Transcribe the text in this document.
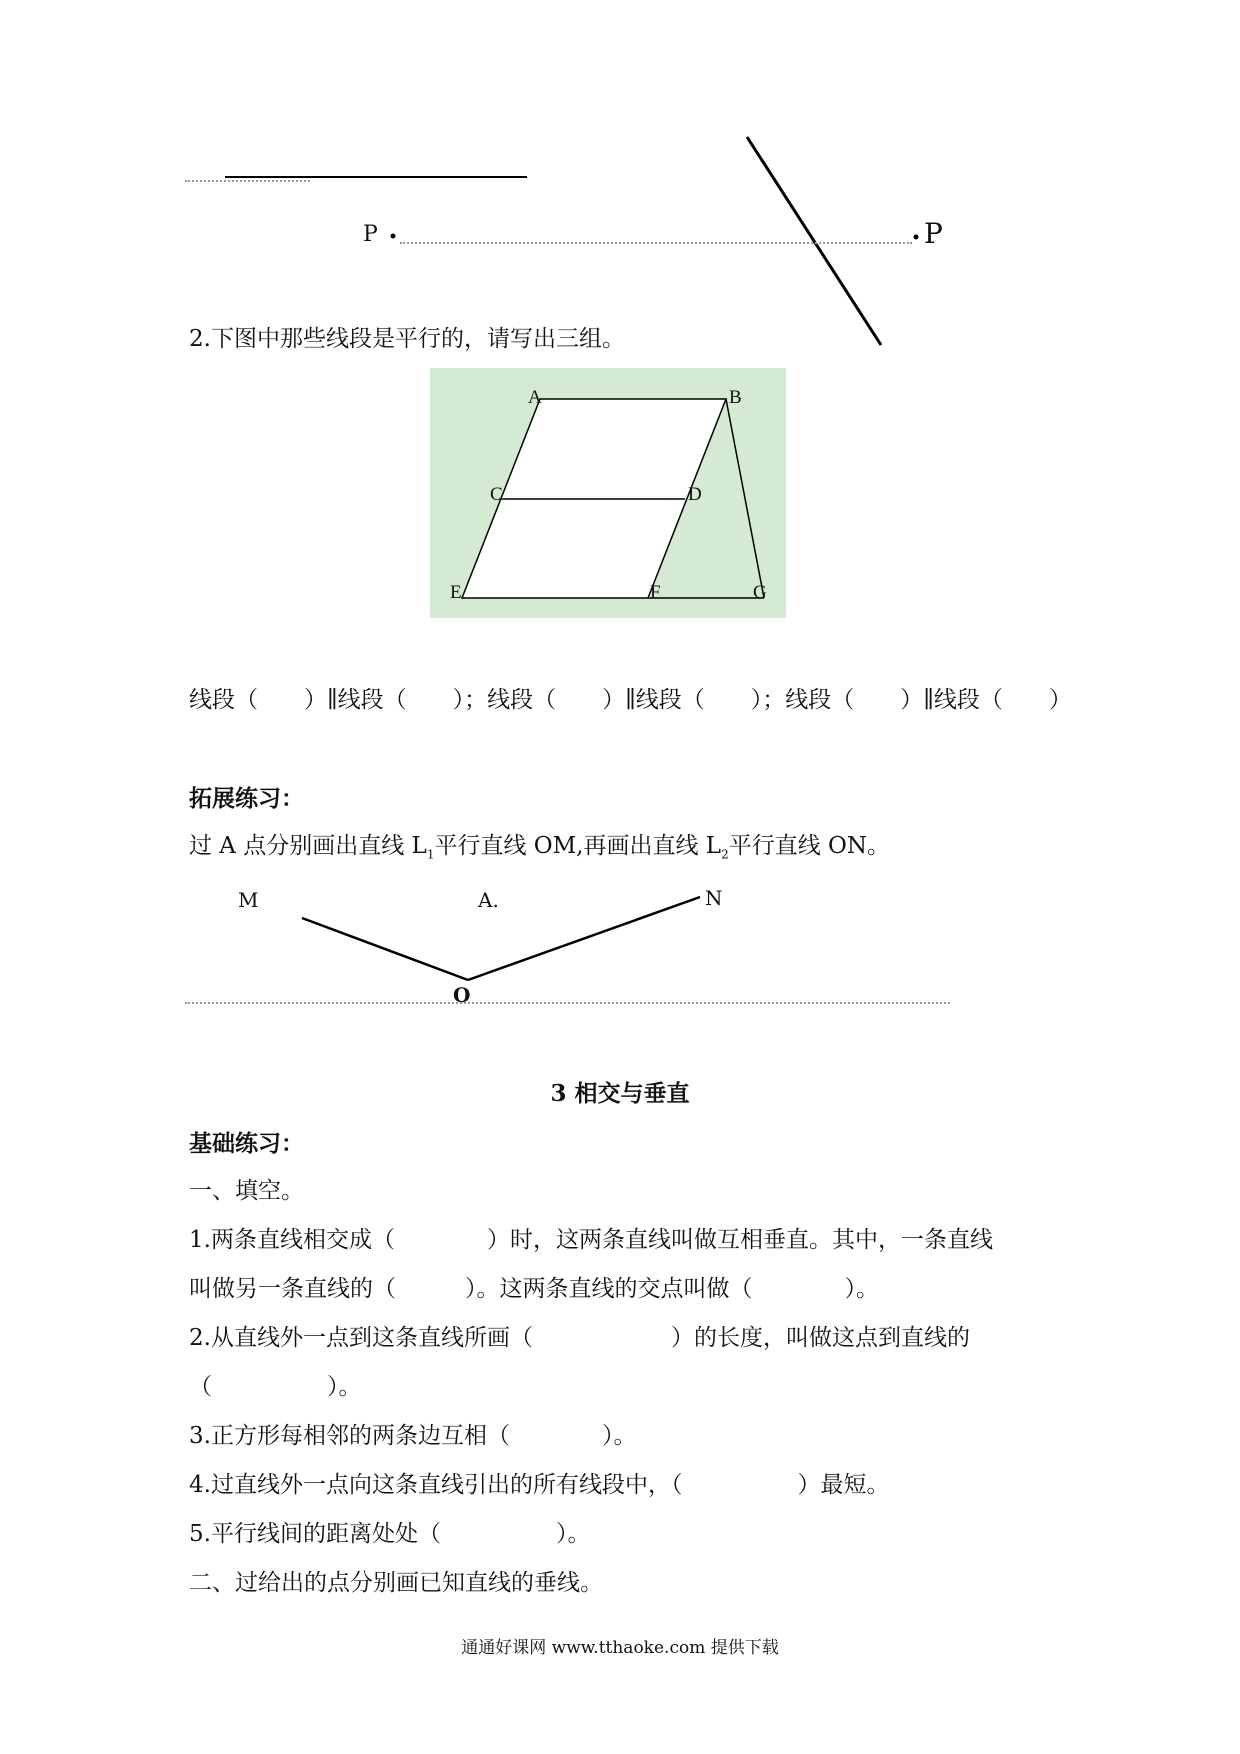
P	P
2.下图中那些线段是平行的，请写出三组。
A	B
C	D
E	F	G
线段（　　）∥线段（　　）；线段（　　）∥线段（　　）；线段（　　）∥线段（　　）
拓展练习：
过 A 点分别画出直线 $L_1$平行直线 OM,再画出直线 $L_2$平行直线 ON。
M	A.	N
O
3 相交与垂直
基础练习：
一、填空。
1.两条直线相交成（　　　　）时，这两条直线叫做互相垂直。其中，一条直线
叫做另一条直线的（　　　）。这两条直线的交点叫做（　　　　）。
2.从直线外一点到这条直线所画（　　　　　　）的长度，叫做这点到直线的
（　　　　　）。
3.正方形每相邻的两条边互相（　　　　）。
4.过直线外一点向这条直线引出的所有线段中，（　　　　　）最短。
5.平行线间的距离处处（　　　　　）。
二、过给出的点分别画已知直线的垂线。
通通好课网 www.tthaoke.com 提供下载
